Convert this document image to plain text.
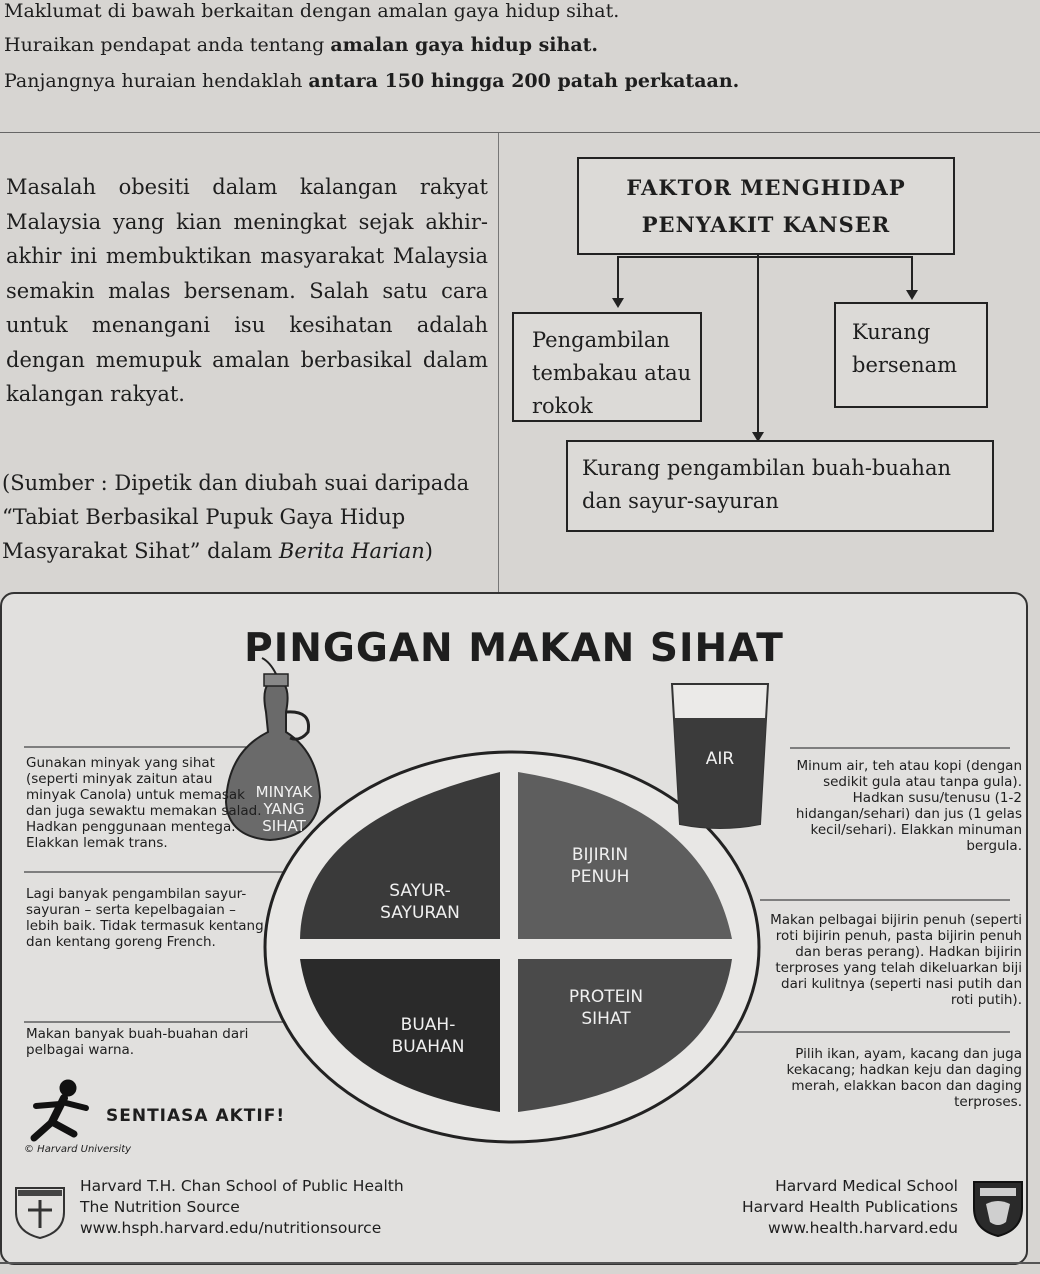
Maklumat di bawah berkaitan dengan amalan gaya hidup sihat.
Huraikan pendapat anda tentang amalan gaya hidup sihat.
Panjangnya huraian hendaklah antara 150 hingga 200 patah perkataan.
Masalah obesiti dalam kalangan rakyat Malaysia yang kian meningkat sejak akhir-akhir ini membuktikan masyarakat Malaysia semakin malas bersenam. Salah satu cara untuk menangani isu kesihatan adalah dengan memupuk amalan berbasikal dalam kalangan rakyat.
(Sumber : Dipetik dan diubah suai daripada “Tabiat Berbasikal Pupuk Gaya Hidup Masyarakat Sihat” dalam Berita Harian)
FAKTOR MENGHIDAP
PENYAKIT KANSER
Pengambilan
tembakau atau
rokok
Kurang
bersenam
Kurang pengambilan buah-buahan
dan sayur-sayuran
PINGGAN MAKAN SIHAT
MINYAK
YANG
SIHAT
AIR
SAYUR-
SAYURAN
BIJIRIN
PENUH
BUAH-
BUAHAN
PROTEIN
SIHAT
Gunakan minyak yang sihat (seperti minyak zaitun atau minyak Canola) untuk memasak dan juga sewaktu memakan salad. Hadkan penggunaan mentega. Elakkan lemak trans.
Lagi banyak pengambilan sayur-sayuran – serta kepelbagaian – lebih baik. Tidak termasuk kentang dan kentang goreng French.
Makan banyak buah-buahan dari pelbagai warna.
Minum air, teh atau kopi (dengan sedikit gula atau tanpa gula). Hadkan susu/tenusu (1-2 hidangan/sehari) dan jus (1 gelas kecil/sehari). Elakkan minuman bergula.
Makan pelbagai bijirin penuh (seperti roti bijirin penuh, pasta bijirin penuh dan beras perang). Hadkan bijirin terproses yang telah dikeluarkan biji dari kulitnya (seperti nasi putih dan roti putih).
Pilih ikan, ayam, kacang dan juga kekacang; hadkan keju dan daging merah, elakkan bacon dan daging terproses.
SENTIASA AKTIF!
© Harvard University
Harvard T.H. Chan School of Public Health
The Nutrition Source
www.hsph.harvard.edu/nutritionsource
Harvard Medical School
Harvard Health Publications
www.health.harvard.edu
